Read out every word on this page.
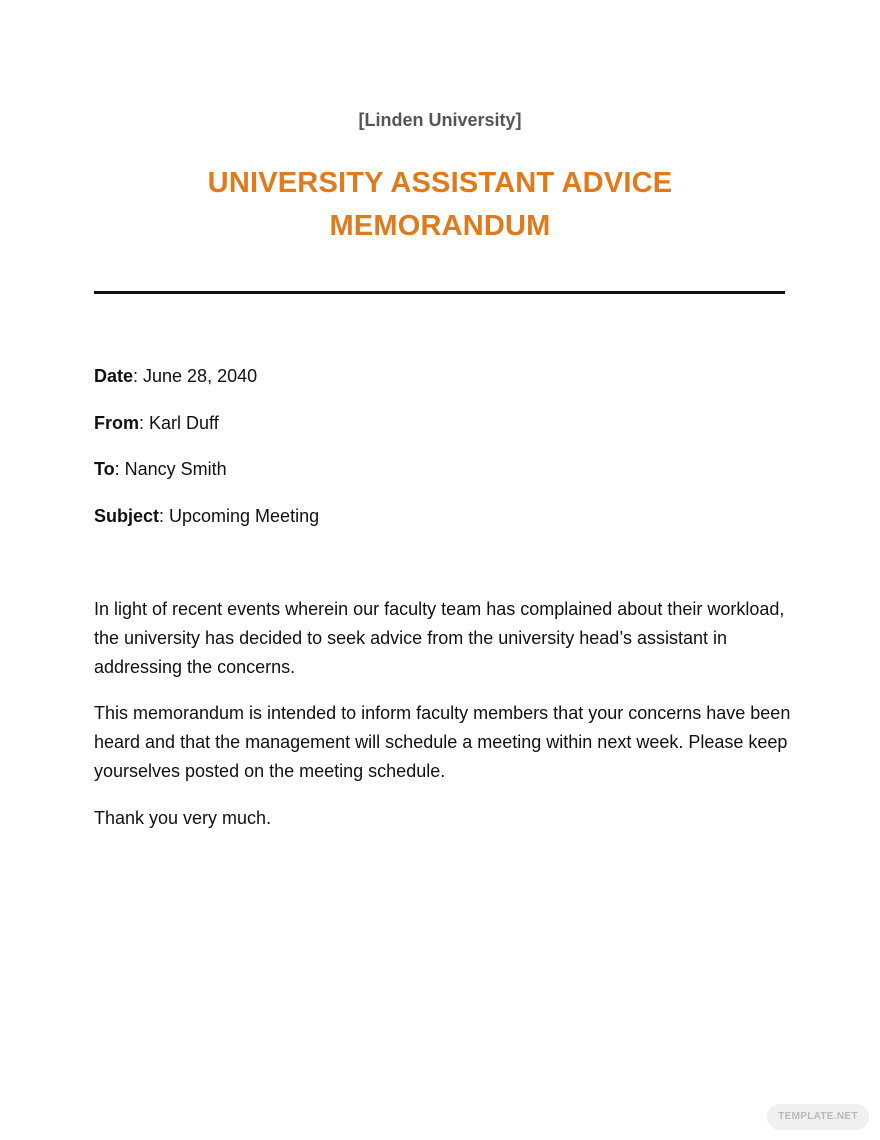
[Linden University]
UNIVERSITY ASSISTANT ADVICE MEMORANDUM
Date: June 28, 2040
From: Karl Duff
To: Nancy Smith
Subject: Upcoming Meeting

In light of recent events wherein our faculty team has complained about their workload, the university has decided to seek advice from the university head’s assistant in addressing the concerns.

This memorandum is intended to inform faculty members that your concerns have been heard and that the management will schedule a meeting within next week. Please keep yourselves posted on the meeting schedule.

Thank you very much.

TEMPLATE.NET
